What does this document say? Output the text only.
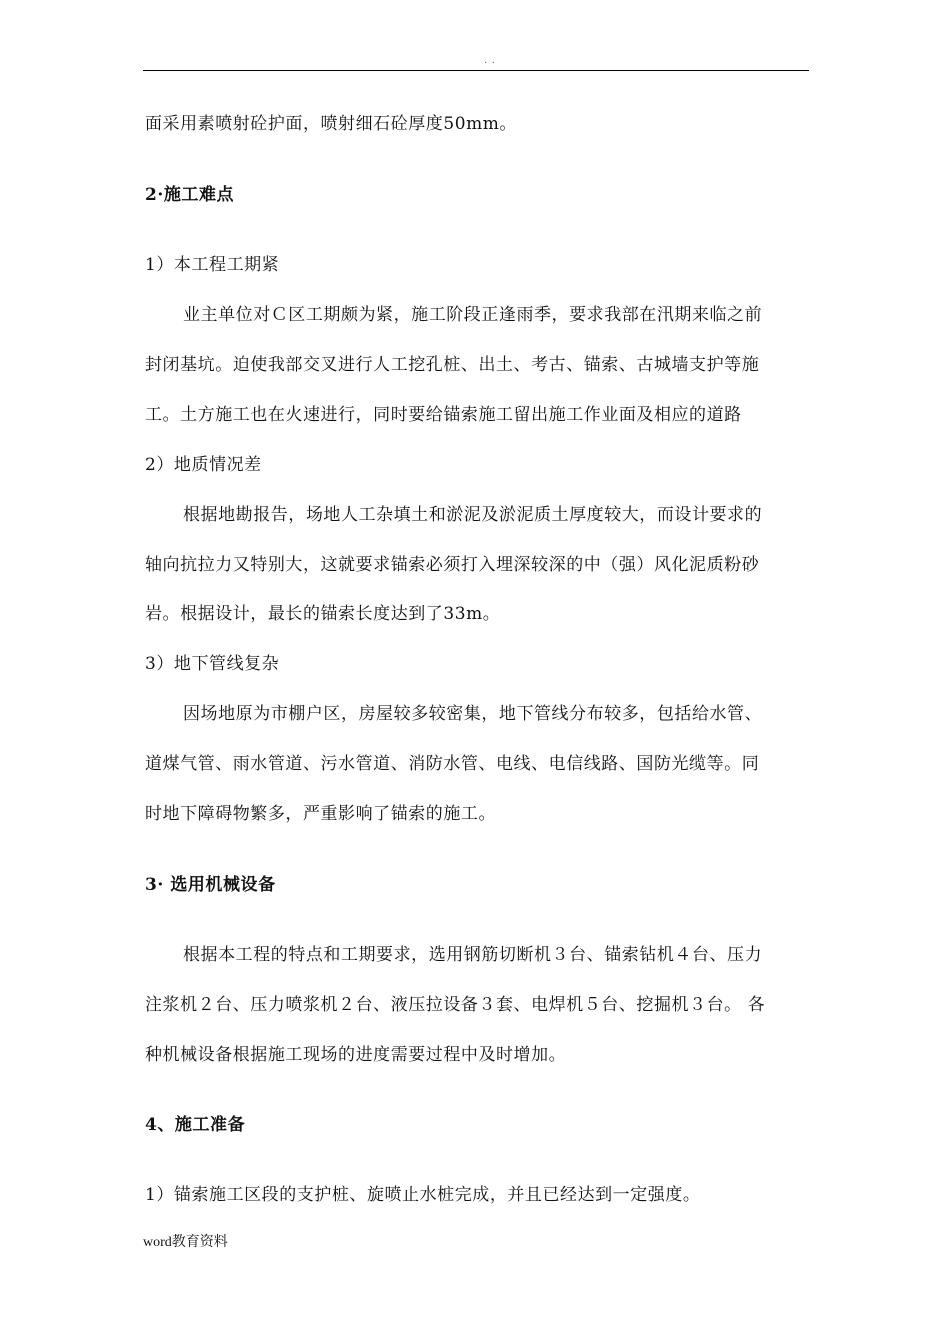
. .
面采用素喷射砼护面，喷射细石砼厚度50mm。
2·施工难点
1）本工程工期紧
业主单位对Ｃ区工期颇为紧，施工阶段正逢雨季，要求我部在汛期来临之前
封闭基坑。迫使我部交叉进行人工挖孔桩、出土、考古、锚索、古城墙支护等施
工。土方施工也在火速进行，同时要给锚索施工留出施工作业面及相应的道路
2）地质情况差
根据地勘报告，场地人工杂填土和淤泥及淤泥质土厚度较大，而设计要求的
轴向抗拉力又特别大，这就要求锚索必须打入埋深较深的中（强）风化泥质粉砂
岩。根据设计，最长的锚索长度达到了33m。
3）地下管线复杂
因场地原为市棚户区，房屋较多较密集，地下管线分布较多，包括给水管、
道煤气管、雨水管道、污水管道、消防水管、电线、电信线路、国防光缆等。同
时地下障碍物繁多，严重影响了锚索的施工。
3· 选用机械设备
根据本工程的特点和工期要求，选用钢筋切断机３台、锚索钻机４台、压力
注浆机２台、压力喷浆机２台、液压拉设备３套、电焊机５台、挖掘机３台。 各
种机械设备根据施工现场的进度需要过程中及时增加。
4、施工准备
1）锚索施工区段的支护桩、旋喷止水桩完成，并且已经达到一定强度。
word教育资料
